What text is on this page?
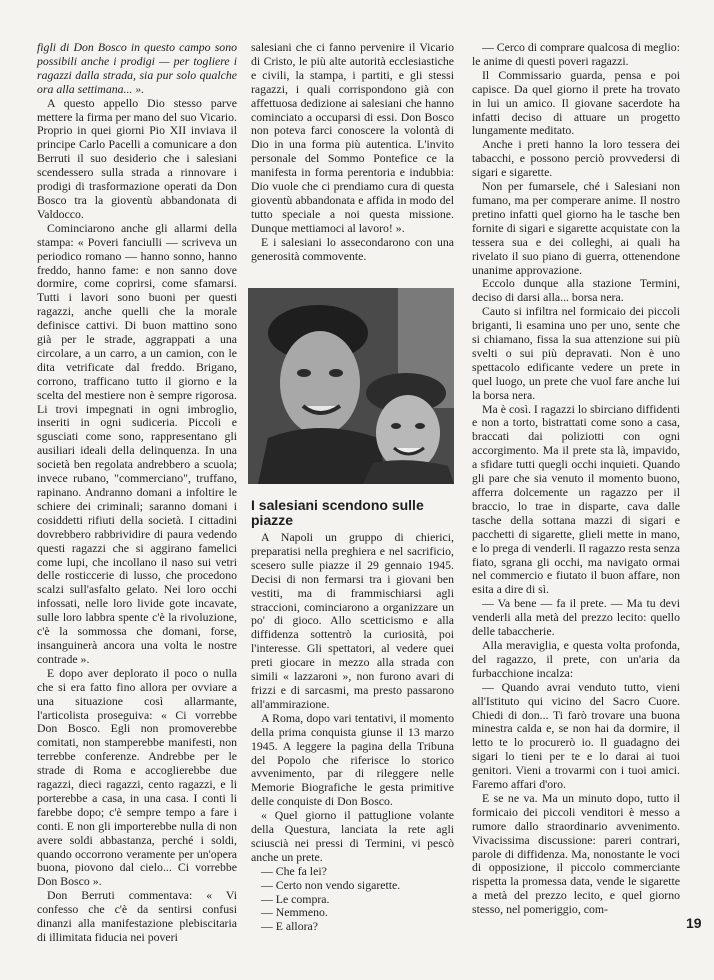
figli di Don Bosco in questo campo sono possibili anche i prodigi — per togliere i ragazzi dalla strada, sia pur solo qualche ora alla settimana... ».

A questo appello Dio stesso parve mettere la firma per mano del suo Vicario. Proprio in quei giorni Pio XII inviava il principe Carlo Pacelli a comunicare a don Berruti il suo desiderio che i salesiani scendessero sulla strada a rinnovare i prodigi di trasformazione operati da Don Bosco tra la gioventù abbandonata di Valdocco.

Cominciarono anche gli allarmi della stampa: « Poveri fanciulli — scriveva un periodico romano — hanno sonno, hanno freddo, hanno fame: e non sanno dove dormire, come coprirsi, come sfamarsi. Tutti i lavori sono buoni per questi ragazzi, anche quelli che la morale definisce cattivi. Di buon mattino sono già per le strade, aggrappati a una circolare, a un carro, a un camion, con le dita vetrificate dal freddo. Brigano, corrono, trafficano tutto il giorno e la scelta del mestiere non è sempre rigorosa. Li trovi impegnati in ogni imbroglio, inseriti in ogni sudiceria. Piccoli e sgusciati come sono, rappresentano gli ausiliari ideali della delinquenza. In una società ben regolata andrebbero a scuola; invece rubano, "commerciano", truffano, rapinano. Andranno domani a infoltire le schiere dei criminali; saranno domani i cosiddetti rifiuti della società. I cittadini dovrebbero rabbrividire di paura vedendo questi ragazzi che si aggirano famelici come lupi, che incollano il naso sui vetri delle rosticcerie di lusso, che procedono scalzi sull'asfalto gelato. Nei loro occhi infossati, nelle loro livide gote incavate, sulle loro labbra spente c'è la rivoluzione, c'è la sommossa che domani, forse, insanguinerà ancora una volta le nostre contrade ».

E dopo aver deplorato il poco o nulla che si era fatto fino allora per ovviare a una situazione così allarmante, l'articolista proseguiva: « Ci vorrebbe Don Bosco. Egli non promoverebbe comitati, non stamperebbe manifesti, non terrebbe conferenze. Andrebbe per le strade di Roma e accoglierebbe due ragazzi, dieci ragazzi, cento ragazzi, e li porterebbe a casa, in una casa. I conti li farebbe dopo; c'è sempre tempo a fare i conti. E non gli importerebbe nulla di non avere soldi abbastanza, perché i soldi, quando occorrono veramente per un'opera buona, piovono dal cielo... Ci vorrebbe Don Bosco ».

Don Berruti commentava: « Vi confesso che c'è da sentirsi confusi dinanzi alla manifestazione plebiscitaria di illimitata fiducia nei poveri

salesiani che ci fanno pervenire il Vicario di Cristo, le più alte autorità ecclesiastiche e civili, la stampa, i partiti, e gli stessi ragazzi, i quali corrispondono già con affettuosa dedizione ai salesiani che hanno cominciato a occuparsi di essi. Don Bosco non poteva farci conoscere la volontà di Dio in una forma più autentica. L'invito personale del Sommo Pontefice ce la manifesta in forma perentoria e indubbia: Dio vuole che ci prendiamo cura di questa gioventù abbandonata e affida in modo del tutto speciale a noi questa missione. Dunque mettiamoci al lavoro! ».

E i salesiani lo assecondarono con una generosità commovente.

I salesiani scendono sulle piazze

A Napoli un gruppo di chierici, preparatisi nella preghiera e nel sacrificio, scesero sulle piazze il 29 gennaio 1945. Decisi di non fermarsi tra i giovani ben vestiti, ma di frammischiarsi agli straccioni, cominciarono a organizzare un po' di gioco. Allo scetticismo e alla diffidenza sottentrò la curiosità, poi l'interesse. Gli spettatori, al vedere quei preti giocare in mezzo alla strada con simili « lazzaroni », non furono avari di frizzi e di sarcasmi, ma presto passarono all'ammirazione.

A Roma, dopo vari tentativi, il momento della prima conquista giunse il 13 marzo 1945. A leggere la pagina della Tribuna del Popolo che riferisce lo storico avvenimento, par di rileggere nelle Memorie Biografiche le gesta primitive delle conquiste di Don Bosco.

« Quel giorno il pattuglione volante della Questura, lanciata la rete agli sciuscià nei pressi di Termini, vi pescò anche un prete.

— Che fa lei?

— Certo non vendo sigarette.

— Le compra.

— Nemmeno.

— E allora?

— Cerco di comprare qualcosa di meglio: le anime di questi poveri ragazzi.

Il Commissario guarda, pensa e poi capisce. Da quel giorno il prete ha trovato in lui un amico. Il giovane sacerdote ha infatti deciso di attuare un progetto lungamente meditato.

Anche i preti hanno la loro tessera dei tabacchi, e possono perciò provvedersi di sigari e sigarette.

Non per fumarsele, ché i Salesiani non fumano, ma per comperare anime. Il nostro pretino infatti quel giorno ha le tasche ben fornite di sigari e sigarette acquistate con la tessera sua e dei colleghi, ai quali ha rivelato il suo piano di guerra, ottenendone unanime approvazione.

Eccolo dunque alla stazione Termini, deciso di darsi alla... borsa nera.

Cauto si infiltra nel formicaio dei piccoli briganti, li esamina uno per uno, sente che si chiamano, fissa la sua attenzione sui più svelti o sui più depravati. Non è uno spettacolo edificante vedere un prete in quel luogo, un prete che vuol fare anche lui la borsa nera.

Ma è così. I ragazzi lo sbirciano diffidenti e non a torto, bistrattati come sono a casa, braccati dai poliziotti con ogni accorgimento. Ma il prete sta là, impavido, a sfidare tutti quegli occhi inquieti. Quando gli pare che sia venuto il momento buono, afferra dolcemente un ragazzo per il braccio, lo trae in disparte, cava dalle tasche della sottana mazzi di sigari e pacchetti di sigarette, glieli mette in mano, e lo prega di venderli. Il ragazzo resta senza fiato, sgrana gli occhi, ma navigato ormai nel commercio e fiutato il buon affare, non esita a dire di sì.

— Va bene — fa il prete. — Ma tu devi venderli alla metà del prezzo lecito: quello delle tabaccherie.

Alla meraviglia, e questa volta profonda, del ragazzo, il prete, con un'aria da furbacchione incalza:

— Quando avrai venduto tutto, vieni all'Istituto qui vicino del Sacro Cuore. Chiedi di don... Ti farò trovare una buona minestra calda e, se non hai da dormire, il letto te lo procurerò io. Il guadagno dei sigari lo tieni per te e lo darai ai tuoi genitori. Vieni a trovarmi con i tuoi amici. Faremo affari d'oro.

E se ne va. Ma un minuto dopo, tutto il formicaio dei piccoli venditori è messo a rumore dallo straordinario avvenimento. Vivacissima discussione: pareri contrari, parole di diffidenza. Ma, nonostante le voci di opposizione, il piccolo commerciante rispetta la promessa data, vende le sigarette a metà del prezzo lecito, e quel giorno stesso, nel pomeriggio, com-

19
